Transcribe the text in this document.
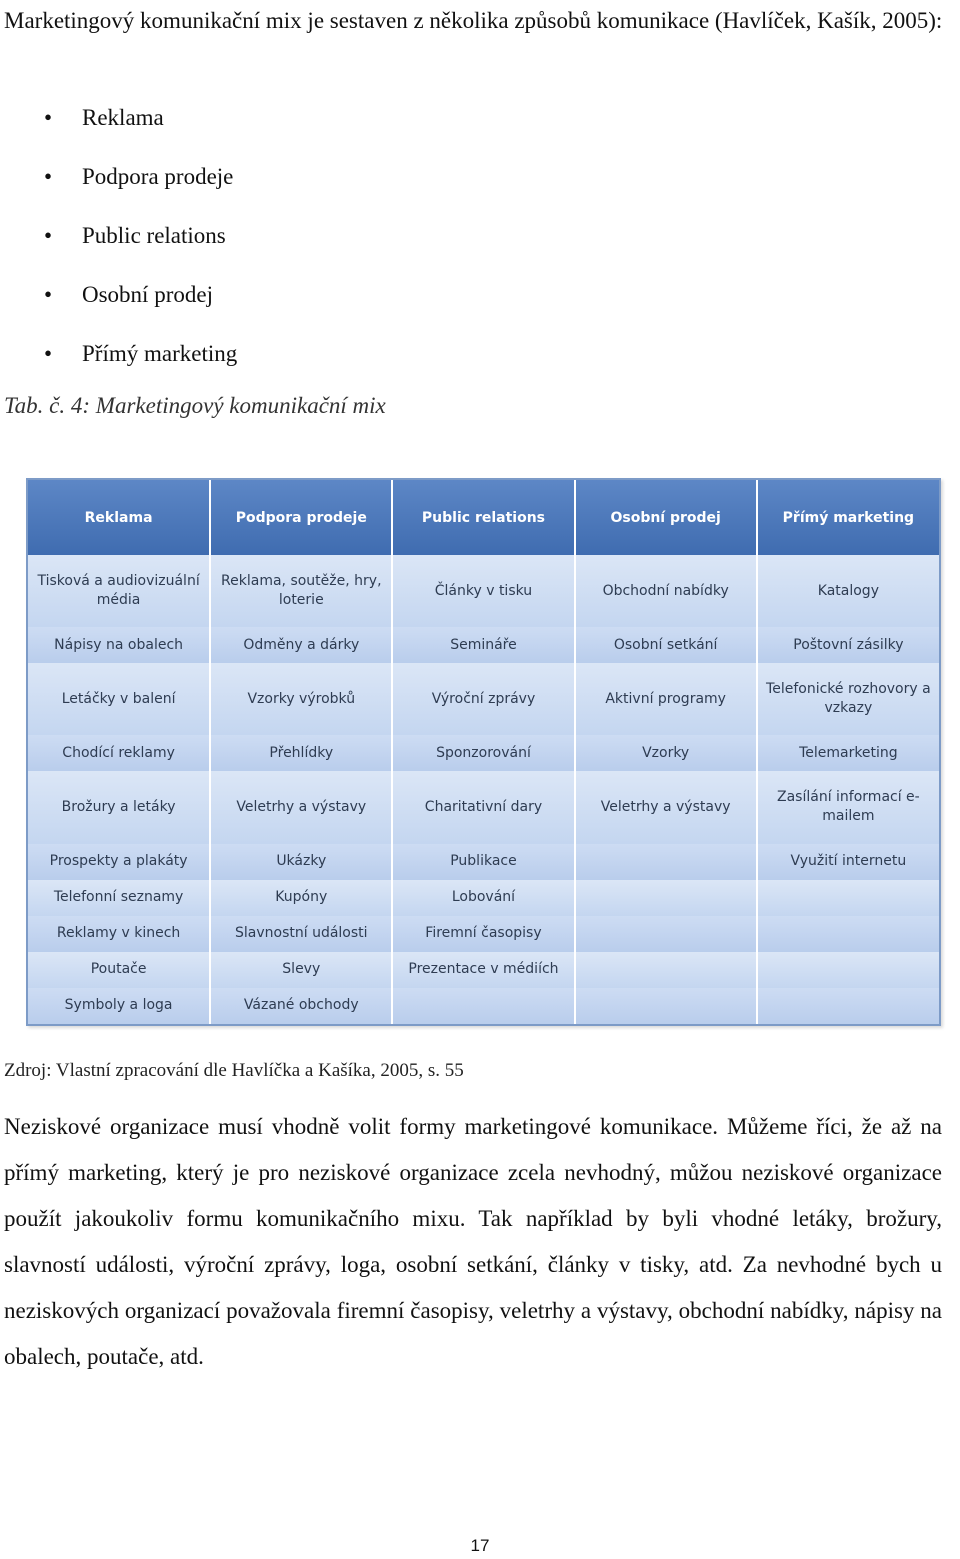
Marketingový komunikační mix je sestaven z několika způsobů komunikace (Havlíček, Kašík, 2005):

• Reklama
• Podpora prodeje
• Public relations
• Osobní prodej
• Přímý marketing
Tab. č. 4: Marketingový komunikační mix
Reklama	Podpora prodeje	Public relations	Osobní prodej	Přímý marketing
Tisková a audiovizuální média	Reklama, soutěže, hry, loterie	Články v tisku	Obchodní nabídky	Katalogy
Nápisy na obalech	Odměny a dárky	Semináře	Osobní setkání	Poštovní zásilky
Letáčky v balení	Vzorky výrobků	Výroční zprávy	Aktivní programy	Telefonické rozhovory a vzkazy
Chodící reklamy	Přehlídky	Sponzorování	Vzorky	Telemarketing
Brožury a letáky	Veletrhy a výstavy	Charitativní dary	Veletrhy a výstavy	Zasílání informací e-mailem
Prospekty a plakáty	Ukázky	Publikace		Využití internetu
Telefonní seznamy	Kupóny	Lobování		
Reklamy v kinech	Slavnostní události	Firemní časopisy		
Poutače	Slevy	Prezentace v médiích		
Symboly a loga	Vázané obchody			
Zdroj: Vlastní zpracování dle Havlíčka a Kašíka, 2005, s. 55

Neziskové organizace musí vhodně volit formy marketingové komunikace. Můžeme říci, že až na přímý marketing, který je pro neziskové organizace zcela nevhodný, můžou neziskové organizace použít jakoukoliv formu komunikačního mixu. Tak například by byli vhodné letáky, brožury, slavností události, výroční zprávy, loga, osobní setkání, články v tisky, atd. Za nevhodné bych u neziskových organizací považovala firemní časopisy, veletrhy a výstavy, obchodní nabídky, nápisy na obalech, poutače, atd.

17
